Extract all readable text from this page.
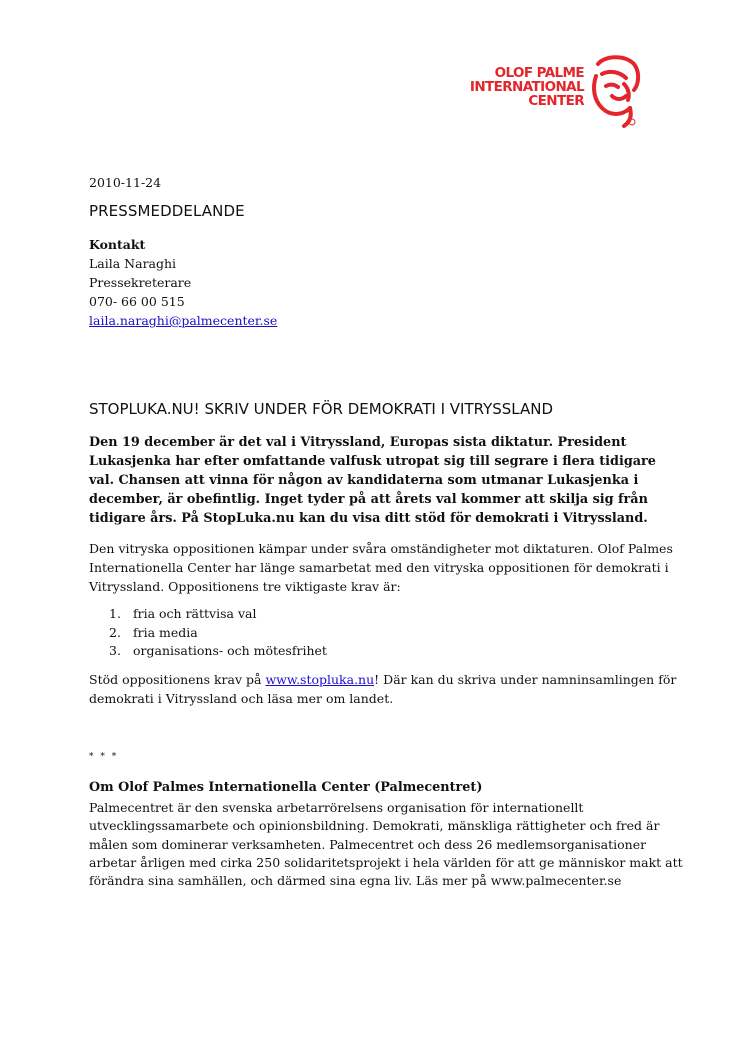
OLOF PALME
INTERNATIONAL
CENTER
2010-11-24
PRESSMEDDELANDE
Kontakt
Laila Naraghi
Pressekreterare
070- 66 00 515
laila.naraghi@palmecenter.se
STOPLUKA.NU! SKRIV UNDER FÖR DEMOKRATI I VITRYSSLAND
Den 19 december är det val i Vitryssland, Europas sista diktatur. President
Lukasjenka har efter omfattande valfusk utropat sig till segrare i flera tidigare
val. Chansen att vinna för någon av kandidaterna som utmanar Lukasjenka i
december, är obefintlig. Inget tyder på att årets val kommer att skilja sig från
tidigare års. På StopLuka.nu kan du visa ditt stöd för demokrati i Vitryssland.
Den vitryska oppositionen kämpar under svåra omständigheter mot diktaturen. Olof Palmes
Internationella Center har länge samarbetat med den vitryska oppositionen för demokrati i
Vitryssland. Oppositionens tre viktigaste krav är:
1. fria och rättvisa val
2. fria media
3. organisations- och mötesfrihet
Stöd oppositionens krav på www.stopluka.nu! Där kan du skriva under namninsamlingen för
demokrati i Vitryssland och läsa mer om landet.
* * *
Om Olof Palmes Internationella Center (Palmecentret)
Palmecentret är den svenska arbetarrörelsens organisation för internationellt
utvecklingssamarbete och opinionsbildning. Demokrati, mänskliga rättigheter och fred är
målen som dominerar verksamheten. Palmecentret och dess 26 medlemsorganisationer
arbetar årligen med cirka 250 solidaritetsprojekt i hela världen för att ge människor makt att
förändra sina samhällen, och därmed sina egna liv. Läs mer på www.palmecenter.se
